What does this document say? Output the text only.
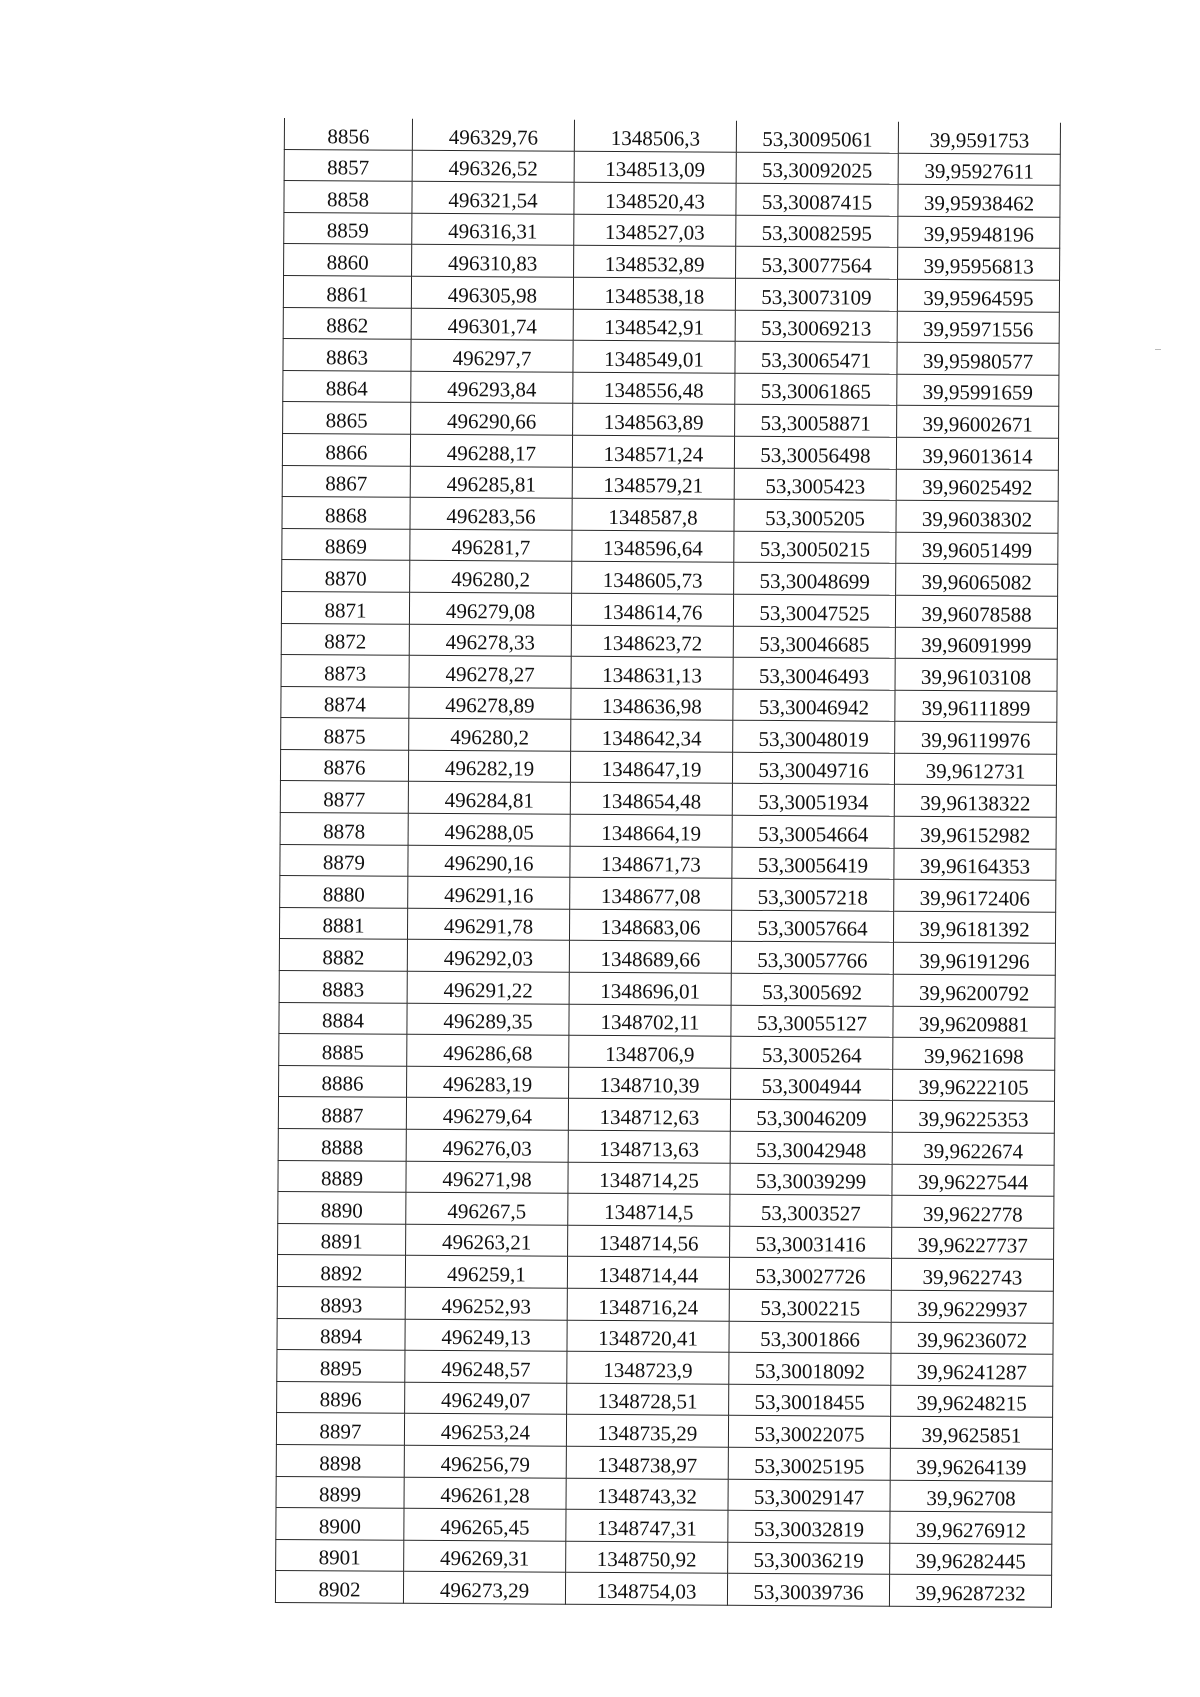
8856	496329,76	1348506,3	53,30095061	39,9591753
8857	496326,52	1348513,09	53,30092025	39,95927611
8858	496321,54	1348520,43	53,30087415	39,95938462
8859	496316,31	1348527,03	53,30082595	39,95948196
8860	496310,83	1348532,89	53,30077564	39,95956813
8861	496305,98	1348538,18	53,30073109	39,95964595
8862	496301,74	1348542,91	53,30069213	39,95971556
8863	496297,7	1348549,01	53,30065471	39,95980577
8864	496293,84	1348556,48	53,30061865	39,95991659
8865	496290,66	1348563,89	53,30058871	39,96002671
8866	496288,17	1348571,24	53,30056498	39,96013614
8867	496285,81	1348579,21	53,3005423	39,96025492
8868	496283,56	1348587,8	53,3005205	39,96038302
8869	496281,7	1348596,64	53,30050215	39,96051499
8870	496280,2	1348605,73	53,30048699	39,96065082
8871	496279,08	1348614,76	53,30047525	39,96078588
8872	496278,33	1348623,72	53,30046685	39,96091999
8873	496278,27	1348631,13	53,30046493	39,96103108
8874	496278,89	1348636,98	53,30046942	39,96111899
8875	496280,2	1348642,34	53,30048019	39,96119976
8876	496282,19	1348647,19	53,30049716	39,9612731
8877	496284,81	1348654,48	53,30051934	39,96138322
8878	496288,05	1348664,19	53,30054664	39,96152982
8879	496290,16	1348671,73	53,30056419	39,96164353
8880	496291,16	1348677,08	53,30057218	39,96172406
8881	496291,78	1348683,06	53,30057664	39,96181392
8882	496292,03	1348689,66	53,30057766	39,96191296
8883	496291,22	1348696,01	53,3005692	39,96200792
8884	496289,35	1348702,11	53,30055127	39,96209881
8885	496286,68	1348706,9	53,3005264	39,9621698
8886	496283,19	1348710,39	53,3004944	39,96222105
8887	496279,64	1348712,63	53,30046209	39,96225353
8888	496276,03	1348713,63	53,30042948	39,9622674
8889	496271,98	1348714,25	53,30039299	39,96227544
8890	496267,5	1348714,5	53,3003527	39,9622778
8891	496263,21	1348714,56	53,30031416	39,96227737
8892	496259,1	1348714,44	53,30027726	39,9622743
8893	496252,93	1348716,24	53,3002215	39,96229937
8894	496249,13	1348720,41	53,3001866	39,96236072
8895	496248,57	1348723,9	53,30018092	39,96241287
8896	496249,07	1348728,51	53,30018455	39,96248215
8897	496253,24	1348735,29	53,30022075	39,9625851
8898	496256,79	1348738,97	53,30025195	39,96264139
8899	496261,28	1348743,32	53,30029147	39,962708
8900	496265,45	1348747,31	53,30032819	39,96276912
8901	496269,31	1348750,92	53,30036219	39,96282445
8902	496273,29	1348754,03	53,30039736	39,96287232
